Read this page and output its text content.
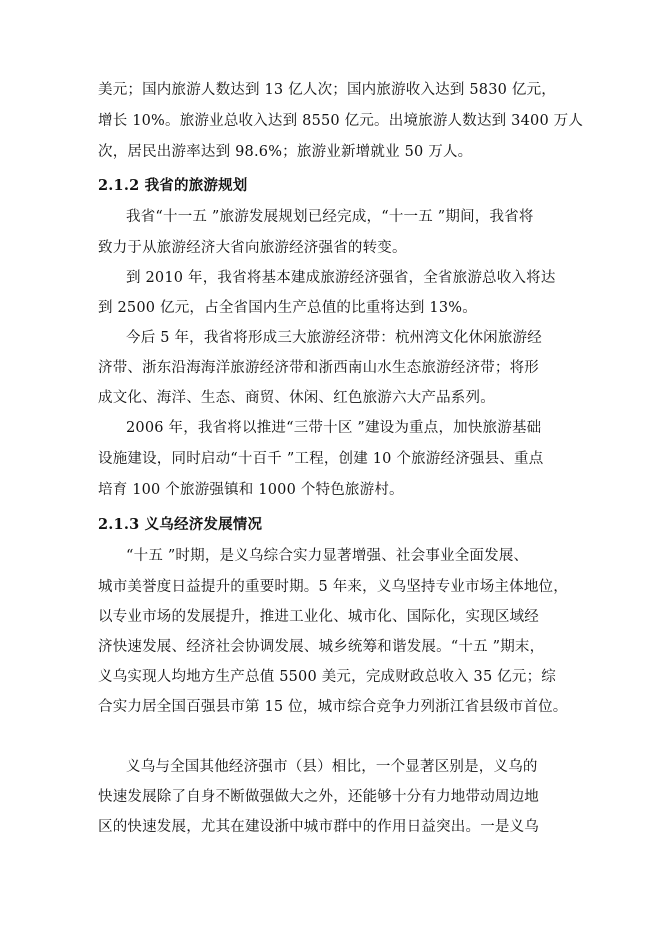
美元；国内旅游人数达到 13 亿人次；国内旅游收入达到 5830 亿元，
增长 10%。旅游业总收入达到 8550 亿元。出境旅游人数达到 3400 万人
次，居民出游率达到 98.6%；旅游业新增就业 50 万人。
2.1.2 我省的旅游规划
我省“十一五 ”旅游发展规划已经完成，“十一五 ”期间，我省将
致力于从旅游经济大省向旅游经济强省的转变。
到 2010 年，我省将基本建成旅游经济强省，全省旅游总收入将达
到 2500 亿元，占全省国内生产总值的比重将达到 13%。
今后 5 年，我省将形成三大旅游经济带：杭州湾文化休闲旅游经
济带、浙东沿海海洋旅游经济带和浙西南山水生态旅游经济带；将形
成文化、海洋、生态、商贸、休闲、红色旅游六大产品系列。
2006 年，我省将以推进“三带十区 ”建设为重点，加快旅游基础
设施建设，同时启动“十百千 ”工程，创建 10 个旅游经济强县、重点
培育 100 个旅游强镇和 1000 个特色旅游村。
2.1.3 义乌经济发展情况
“十五 ”时期，是义乌综合实力显著增强、社会事业全面发展、
城市美誉度日益提升的重要时期。5 年来，义乌坚持专业市场主体地位，
以专业市场的发展提升，推进工业化、城市化、国际化，实现区域经
济快速发展、经济社会协调发展、城乡统筹和谐发展。“十五 ”期末，
义乌实现人均地方生产总值 5500 美元，完成财政总收入 35 亿元；综
合实力居全国百强县市第 15 位，城市综合竞争力列浙江省县级市首位。
义乌与全国其他经济强市（县）相比，一个显著区别是，义乌的
快速发展除了自身不断做强做大之外，还能够十分有力地带动周边地
区的快速发展，尤其在建设浙中城市群中的作用日益突出。一是义乌
